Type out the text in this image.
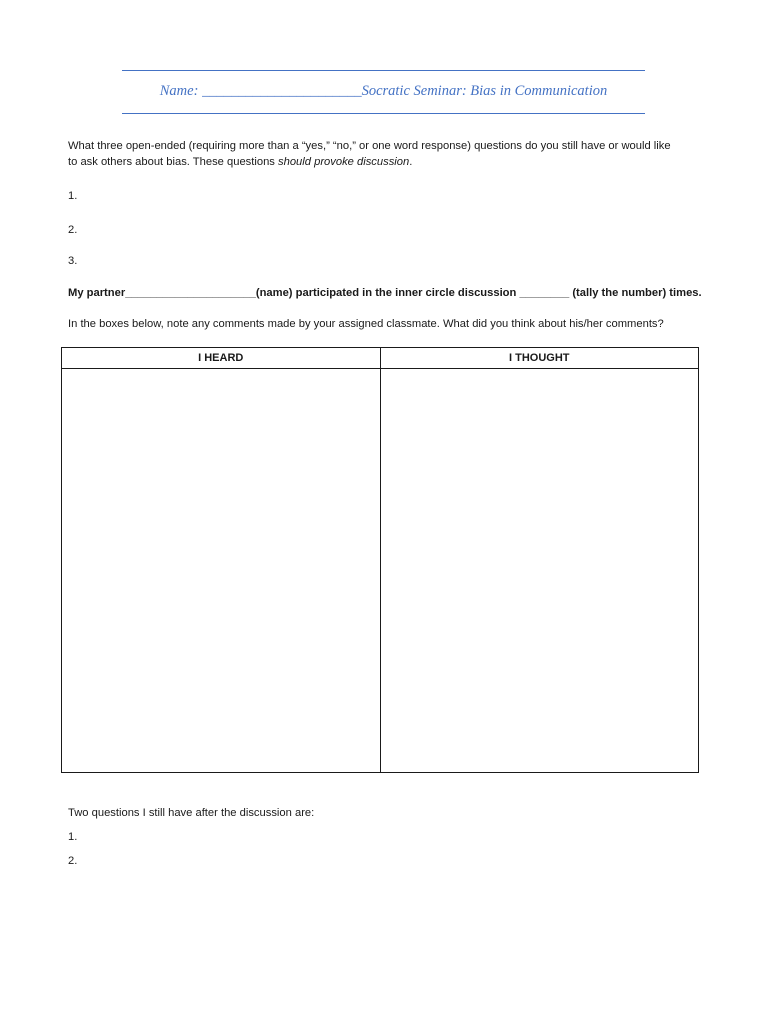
Name: ______________________Socratic Seminar: Bias in Communication
What three open-ended (requiring more than a “yes,” “no,” or one word response) questions do you still have or would like
to ask others about bias. These questions should provoke discussion.
1.
2.
3.
My partner_____________________(name) participated in the inner circle discussion ________ (tally the number) times.
In the boxes below, note any comments made by your assigned classmate. What did you think about his/her comments?
I HEARD	I THOUGHT

Two questions I still have after the discussion are:
1.
2.
